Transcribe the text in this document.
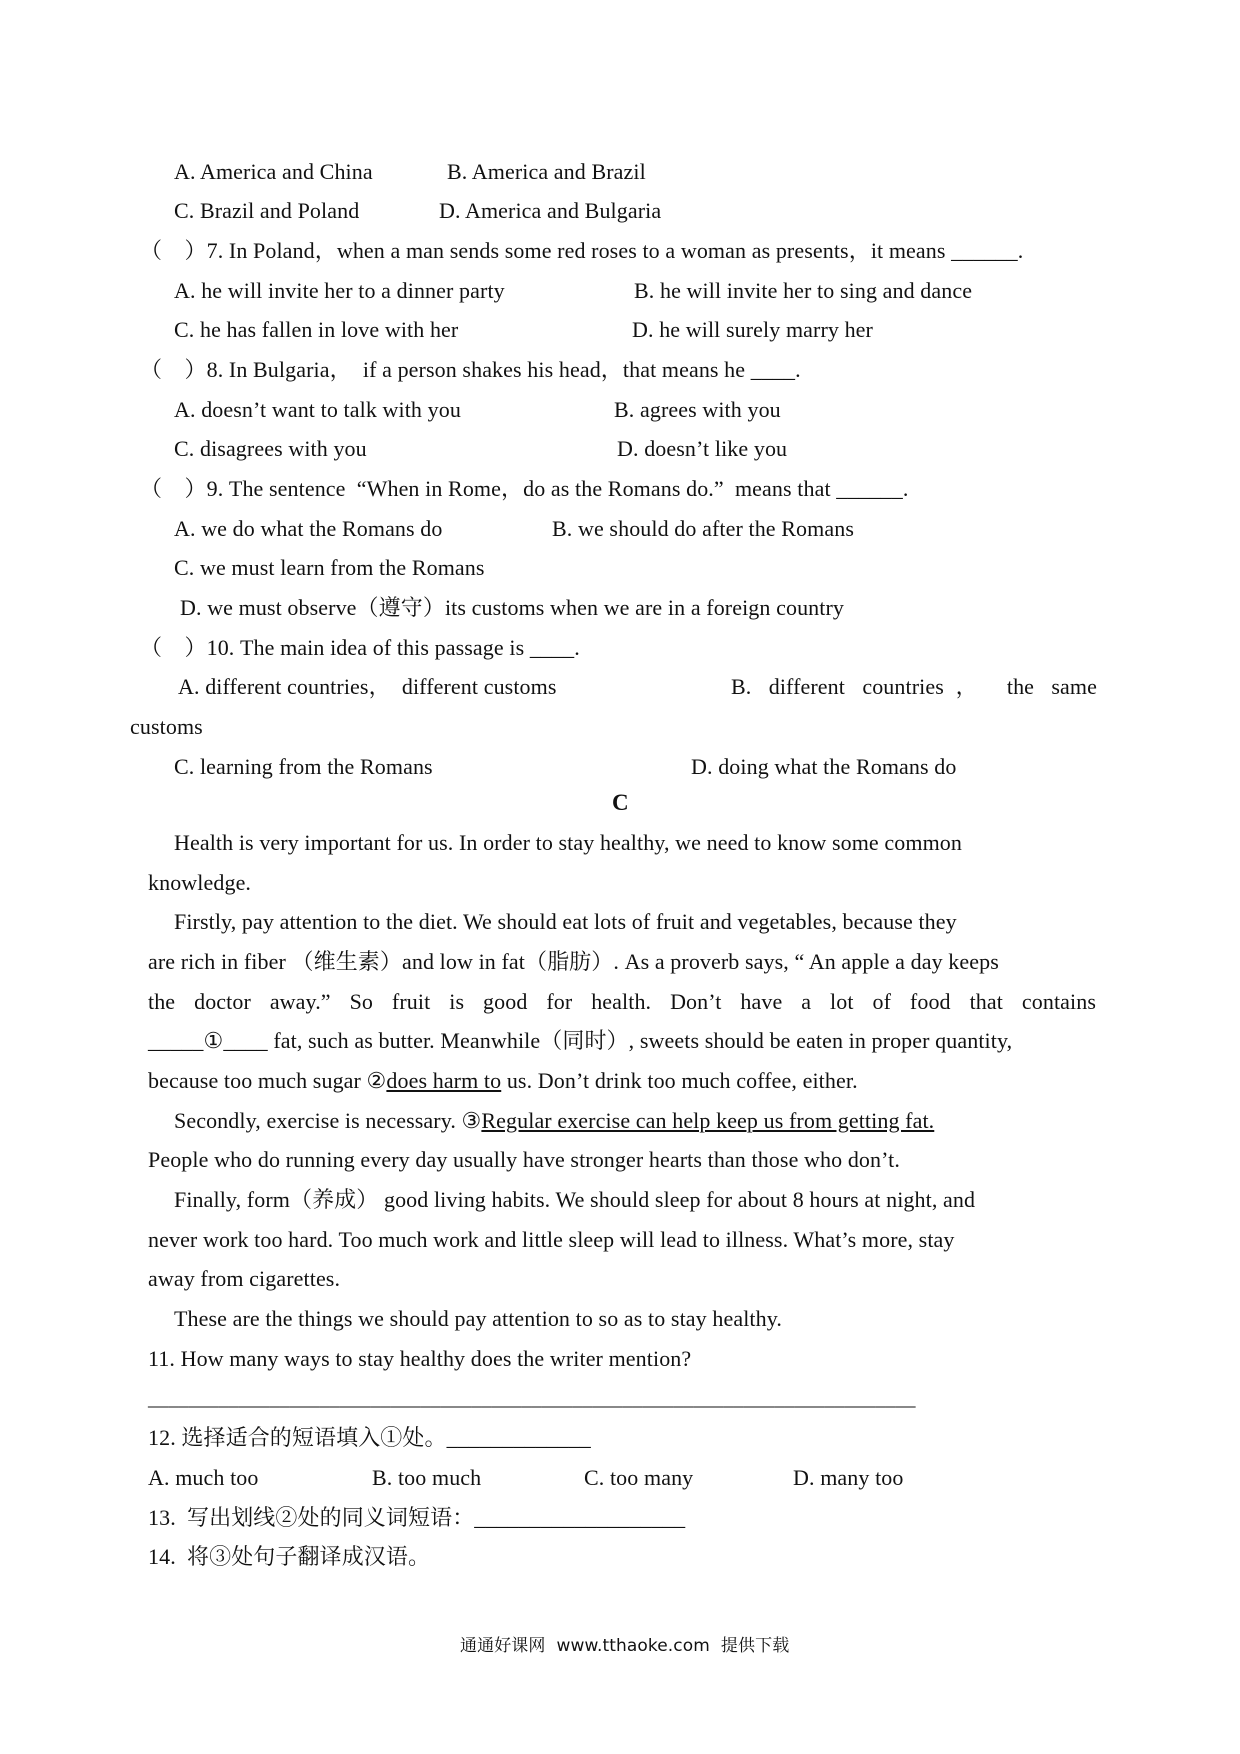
A. America and China	B. America and Brazil
C. Brazil and Poland	D. America and Bulgaria
（    ）7. In Poland，when a man sends some red roses to a woman as presents，it means ______.
A. he will invite her to a dinner party	B. he will invite her to sing and dance
C. he has fallen in love with her	D. he will surely marry her
（    ）8. In Bulgaria，  if a person shakes his head，that means he ____.
A. doesn’t want to talk with you	B. agrees with you
C. disagrees with you	D. doesn’t like you
（    ）9. The sentence  “When in Rome，do as the Romans do.”  means that ______.
A. we do what the Romans do	B. we should do after the Romans
C. we must learn from the Romans
D. we must observe（遵守）its customs when we are in a foreign country
（    ）10. The main idea of this passage is ____.
A. different countries，  different customs	B. different countries， the same
customs
C. learning from the Romans	D. doing what the Romans do
C
Health is very important for us. In order to stay healthy, we need to know some common
knowledge.
Firstly, pay attention to the diet. We should eat lots of fruit and vegetables, because they
are rich in fiber （维生素）and low in fat（脂肪）. As a proverb says, “ An apple a day keeps
the doctor away.” So fruit is good for health. Don’t have a lot of food that contains
_____①____ fat, such as butter. Meanwhile（同时）, sweets should be eaten in proper quantity,
because too much sugar ②does harm to us. Don’t drink too much coffee, either.
Secondly, exercise is necessary. ③Regular exercise can help keep us from getting fat.
People who do running every day usually have stronger hearts than those who don’t.
Finally, form（养成） good living habits. We should sleep for about 8 hours at night, and
never work too hard. Too much work and little sleep will lead to illness. What’s more, stay
away from cigarettes.
These are the things we should pay attention to so as to stay healthy.
11. How many ways to stay healthy does the writer mention?
____________________________________________________________________________
12. 选择适合的短语填入①处。_____________
A. much too	B. too much	C. too many	D. many too
13.  写出划线②处的同义词短语：___________________
14.  将③处句子翻译成汉语。
通通好课网  www.tthaoke.com  提供下载
